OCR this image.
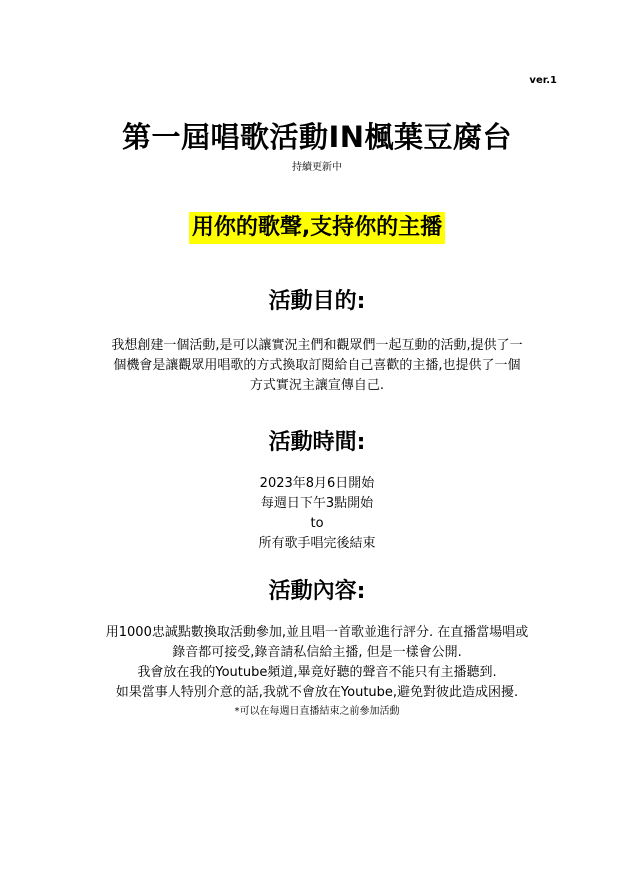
ver.1
第一屆唱歌活動IN楓葉豆腐台
持續更新中
用你的歌聲,支持你的主播
活動目的:

我想創建一個活動,是可以讓實況主們和觀眾們一起互動的活動,提供了一

個機會是讓觀眾用唱歌的方式換取訂閱給自己喜歡的主播,也提供了一個

方式實況主讓宣傳自己.

活動時間:

2023年8月6日開始

每週日下午3點開始

to

所有歌手唱完後結束

活動內容:

用1000忠誠點數換取活動參加,並且唱一首歌並進行評分. 在直播當場唱或

錄音都可接受,錄音請私信給主播, 但是一樣會公開.

我會放在我的Youtube頻道,畢竟好聽的聲音不能只有主播聽到.

如果當事人特別介意的話,我就不會放在Youtube,避免對彼此造成困擾.

*可以在每週日直播結束之前參加活動
